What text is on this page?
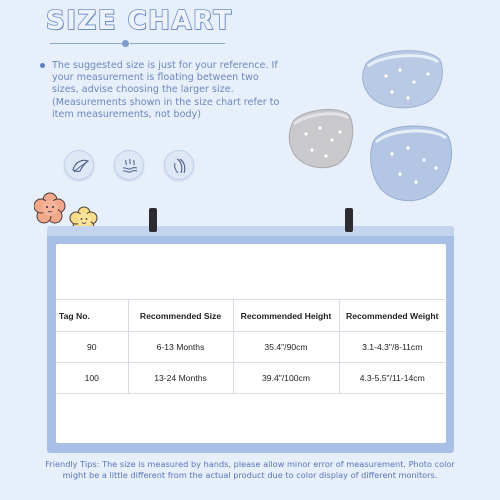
SIZE CHART
The suggested size is just for your reference. If your measurement is floating between two sizes, advise choosing the larger size. (Measurements shown in the size chart refer to item measurements, not body)
Tag No.	Recommended Size	Recommended Height	Recommended Weight
90	6-13 Months	35.4"/90cm	3.1-4.3"/8-11cm
100	13-24 Months	39.4"/100cm	4.3-5.5"/11-14cm
Friendly Tips: The size is measured by hands, please allow minor error of measurement. Photo color might be a little different from the actual product due to color display of different monitors.
